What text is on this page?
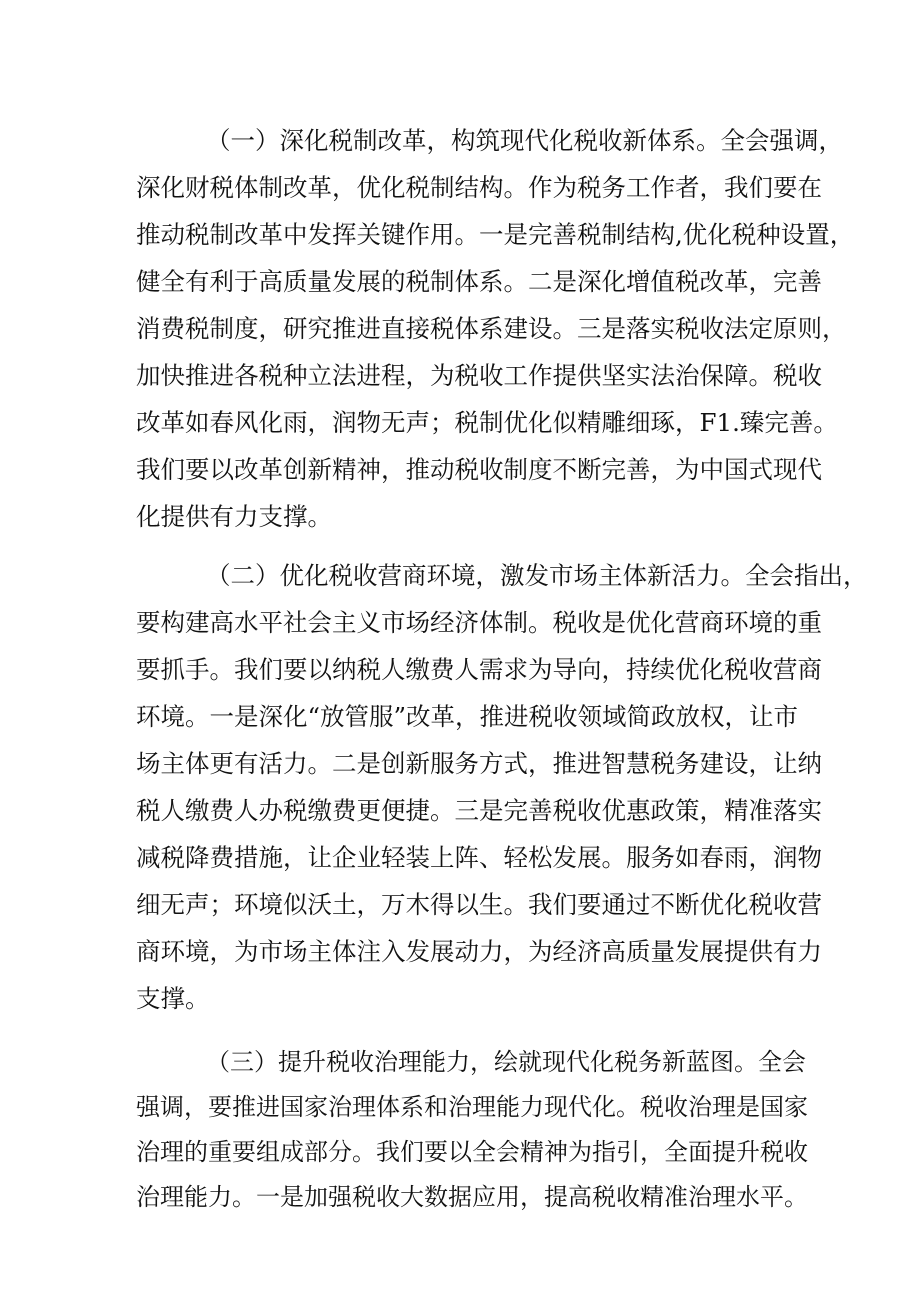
（一）深化税制改革，构筑现代化税收新体系。全会强调，
深化财税体制改革，优化税制结构。作为税务工作者，我们要在
推动税制改革中发挥关键作用。一是完善税制结构,优化税种设置，
健全有利于高质量发展的税制体系。二是深化增值税改革，完善
消费税制度，研究推进直接税体系建设。三是落实税收法定原则，
加快推进各税种立法进程，为税收工作提供坚实法治保障。税收
改革如春风化雨，润物无声；税制优化似精雕细琢，F1.臻完善。
我们要以改革创新精神，推动税收制度不断完善，为中国式现代
化提供有力支撑。
（二）优化税收营商环境，激发市场主体新活力。全会指出，
要构建高水平社会主义市场经济体制。税收是优化营商环境的重
要抓手。我们要以纳税人缴费人需求为导向，持续优化税收营商
环境。一是深化“放管服”改革，推进税收领域简政放权，让市
场主体更有活力。二是创新服务方式，推进智慧税务建设，让纳
税人缴费人办税缴费更便捷。三是完善税收优惠政策，精准落实
减税降费措施，让企业轻装上阵、轻松发展。服务如春雨，润物
细无声；环境似沃土，万木得以生。我们要通过不断优化税收营
商环境，为市场主体注入发展动力，为经济高质量发展提供有力
支撑。
（三）提升税收治理能力，绘就现代化税务新蓝图。全会
强调，要推进国家治理体系和治理能力现代化。税收治理是国家
治理的重要组成部分。我们要以全会精神为指引，全面提升税收
治理能力。一是加强税收大数据应用，提高税收精准治理水平。
